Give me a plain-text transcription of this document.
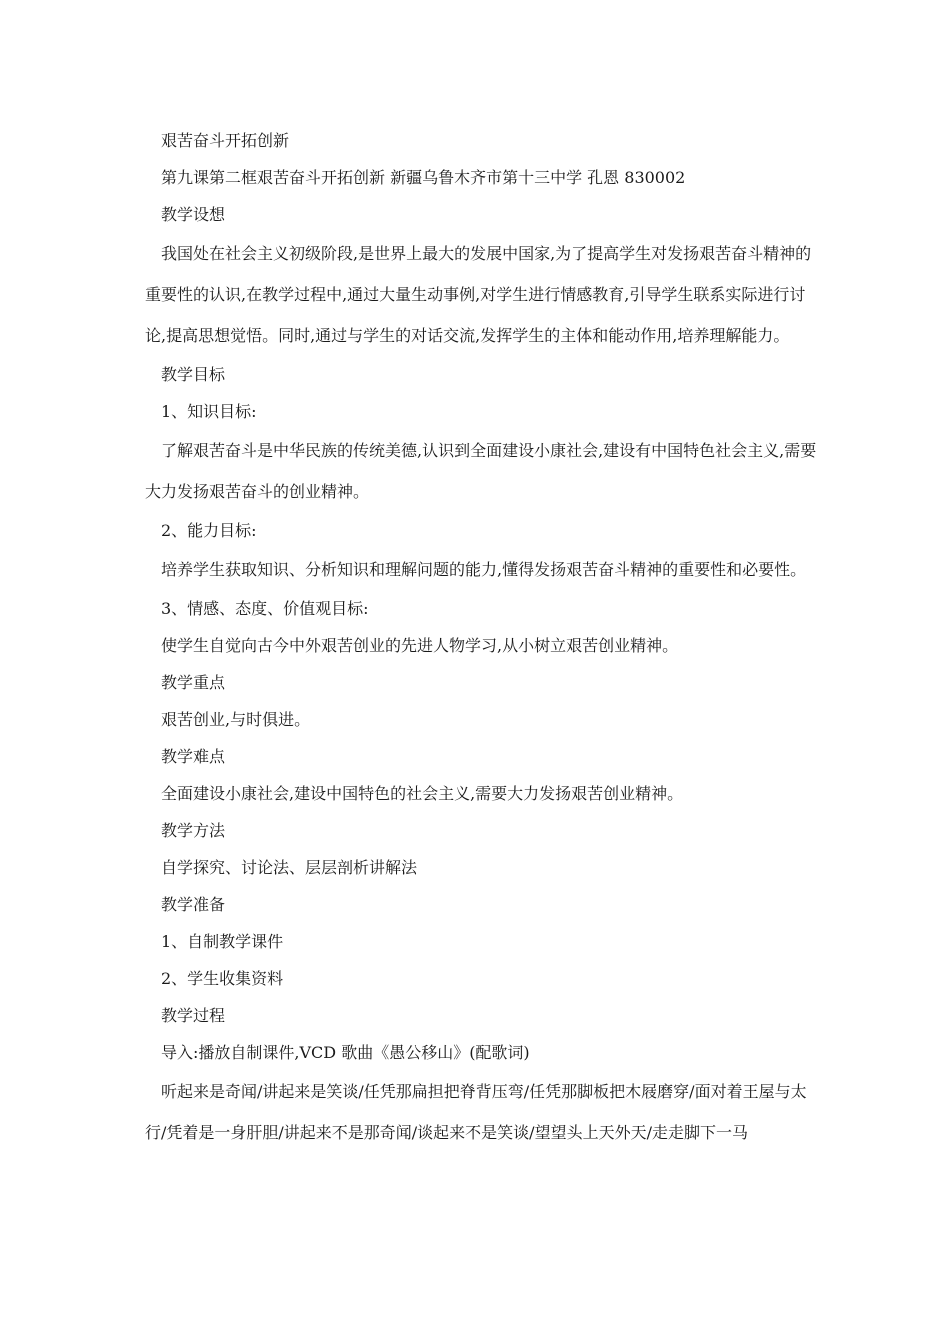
艰苦奋斗开拓创新

第九课第二框艰苦奋斗开拓创新 新疆乌鲁木齐市第十三中学 孔恩 830002

教学设想

我国处在社会主义初级阶段,是世界上最大的发展中国家,为了提高学生对发扬艰苦奋斗精神的重要性的认识,在教学过程中,通过大量生动事例,对学生进行情感教育,引导学生联系实际进行讨论,提高思想觉悟。同时,通过与学生的对话交流,发挥学生的主体和能动作用,培养理解能力。

教学目标

1、知识目标:

了解艰苦奋斗是中华民族的传统美德,认识到全面建设小康社会,建设有中国特色社会主义,需要大力发扬艰苦奋斗的创业精神。

2、能力目标:

培养学生获取知识、分析知识和理解问题的能力,懂得发扬艰苦奋斗精神的重要性和必要性。

3、情感、态度、价值观目标:

使学生自觉向古今中外艰苦创业的先进人物学习,从小树立艰苦创业精神。

教学重点

艰苦创业,与时俱进。

教学难点

全面建设小康社会,建设中国特色的社会主义,需要大力发扬艰苦创业精神。

教学方法

自学探究、讨论法、层层剖析讲解法

教学准备

1、自制教学课件

2、学生收集资料

教学过程

导入:播放自制课件,VCD 歌曲《愚公移山》(配歌词)

听起来是奇闻/讲起来是笑谈/任凭那扁担把脊背压弯/任凭那脚板把木屐磨穿/面对着王屋与太行/凭着是一身肝胆/讲起来不是那奇闻/谈起来不是笑谈/望望头上天外天/走走脚下一马
